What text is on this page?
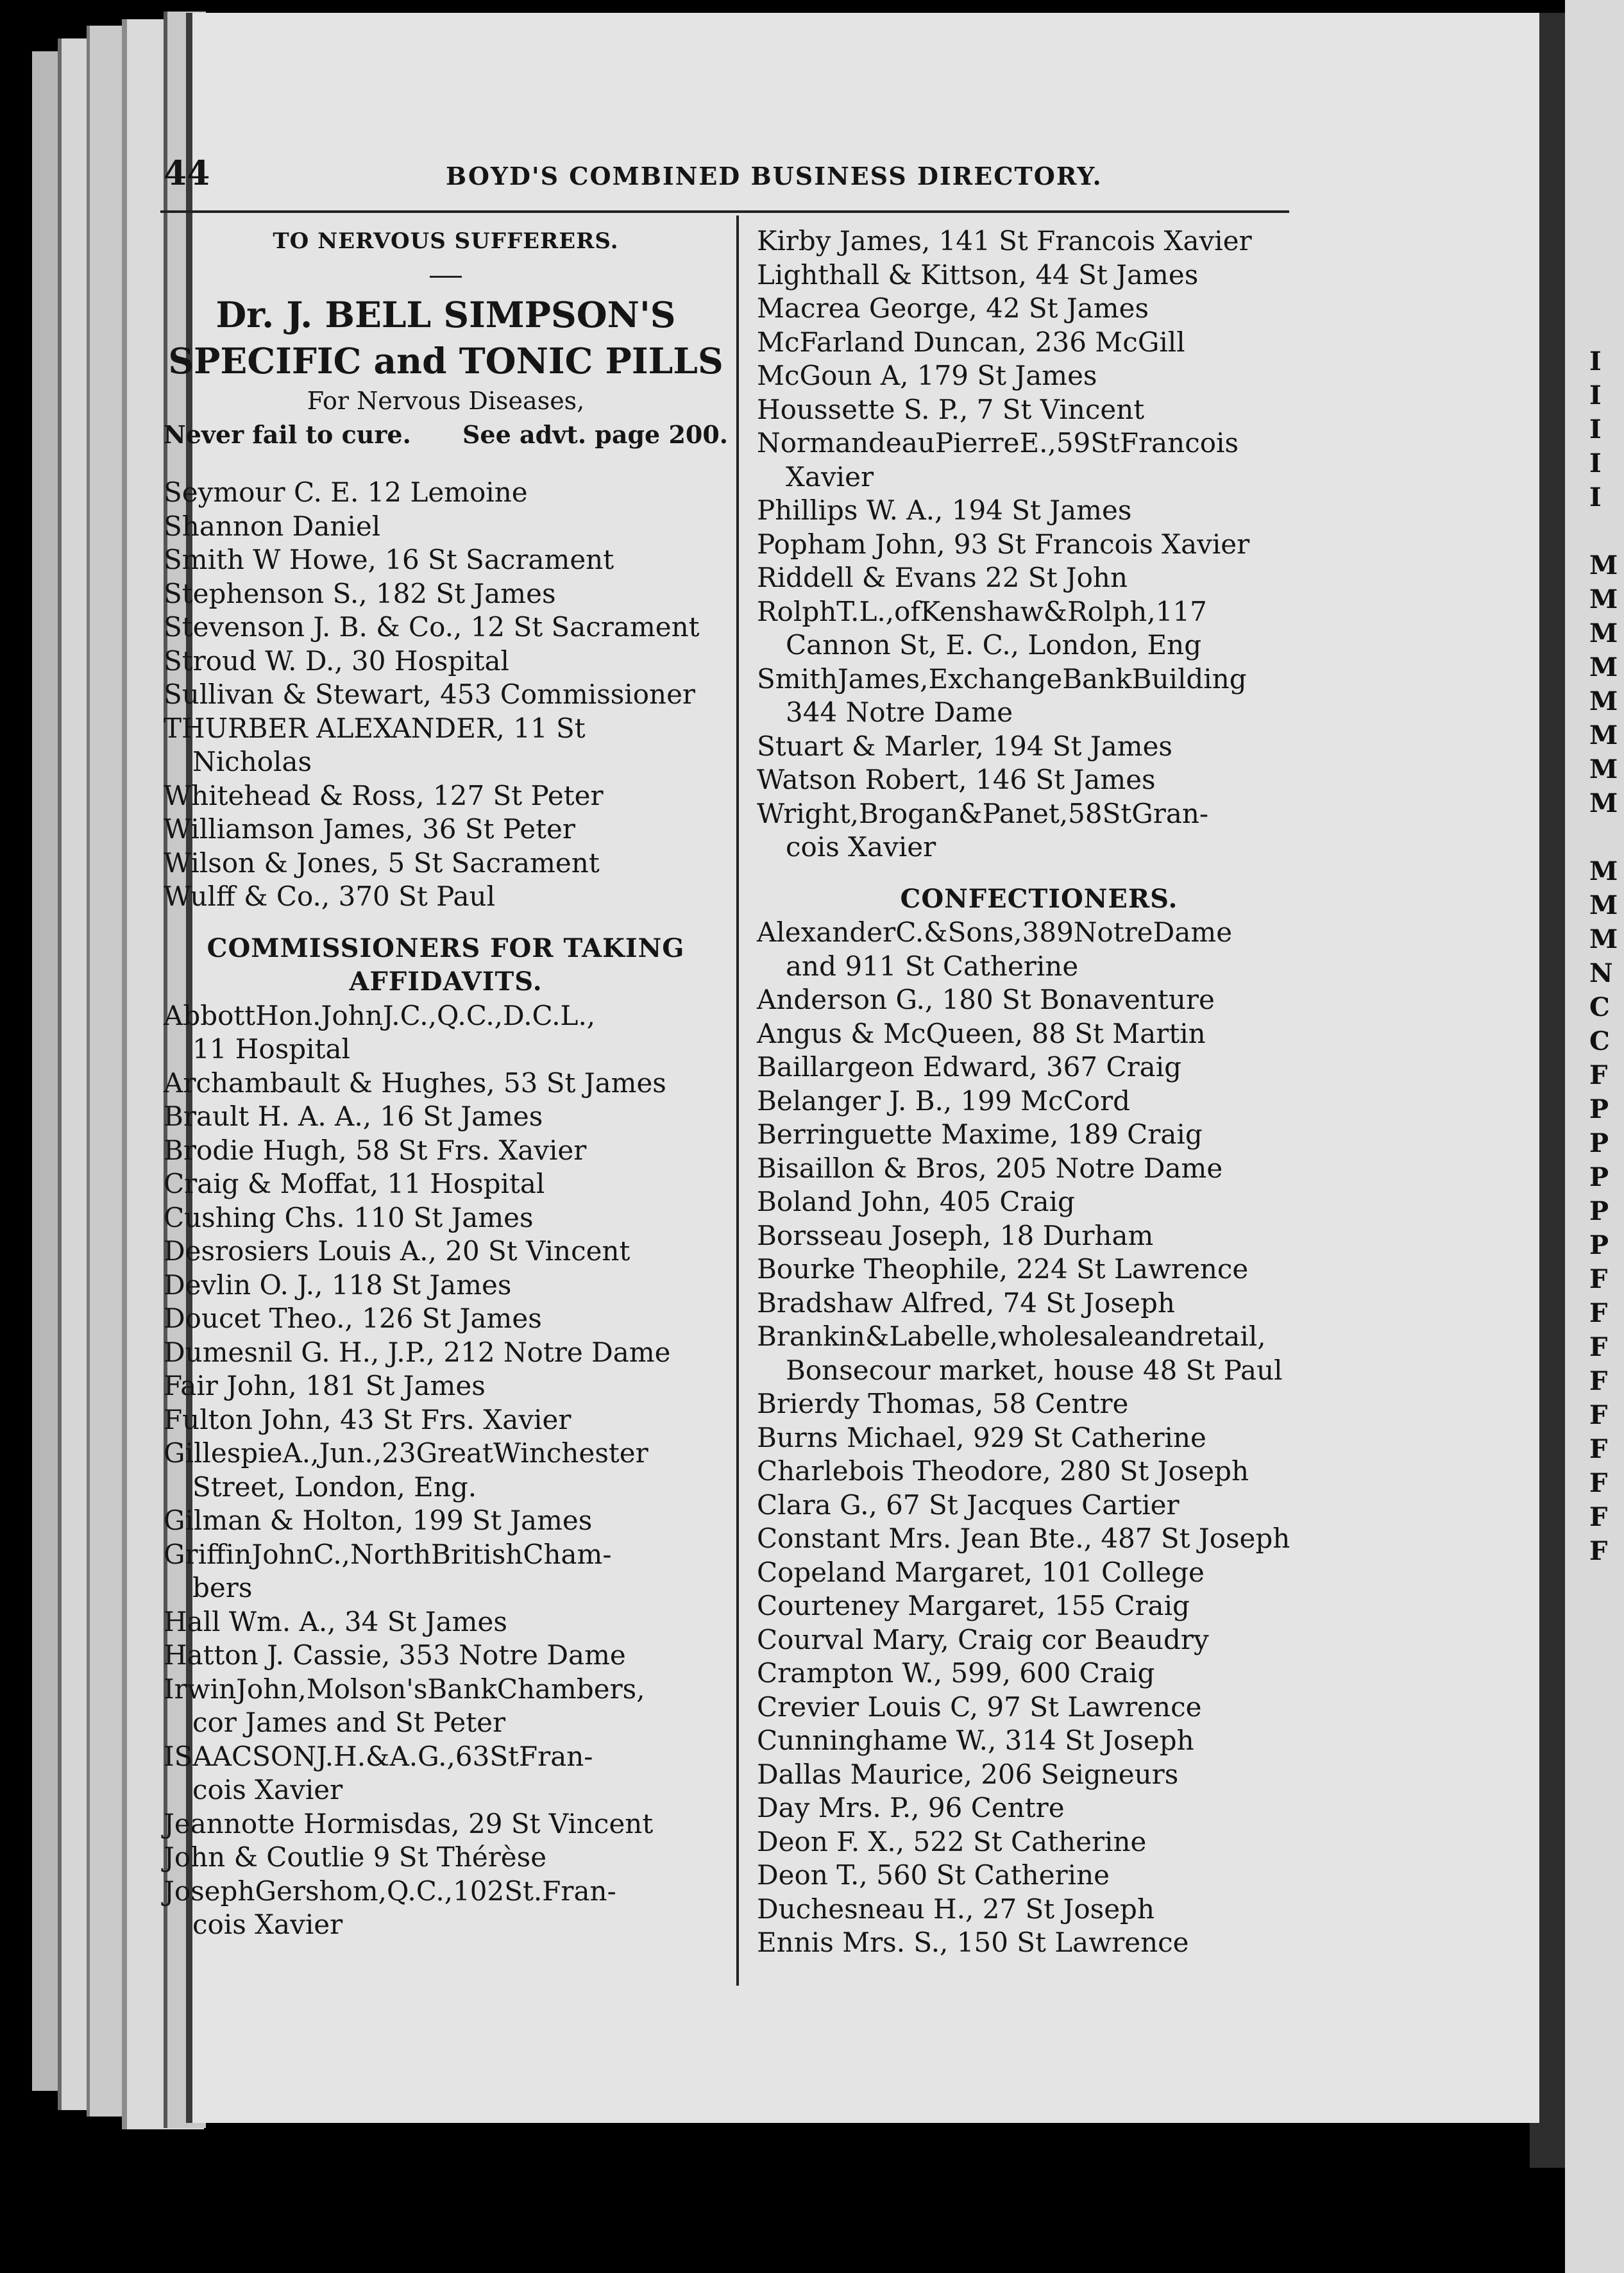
I
I
I
I
I
M
M
M
M
M
M
M
M
M
M
M
N
C
C
F
P
P
P
P
P
F
F
F
F
F
F
F
F
F
44	BOYD'S COMBINED BUSINESS DIRECTORY.
TO NERVOUS SUFFERERS.
Dr. J. BELL SIMPSON'S
SPECIFIC and TONIC PILLS
For Nervous Diseases,
Never fail to cure. See advt. page 200.
Seymour C. E. 12 Lemoine
Shannon Daniel
Smith W Howe, 16 St Sacrament
Stephenson S., 182 St James
Stevenson J. B. & Co., 12 St Sacrament
Stroud W. D., 30 Hospital
Sullivan & Stewart, 453 Commissioner
THURBER ALEXANDER, 11 St
Nicholas
Whitehead & Ross, 127 St Peter
Williamson James, 36 St Peter
Wilson & Jones, 5 St Sacrament
Wulff & Co., 370 St Paul
COMMISSIONERS FOR TAKING
AFFIDAVITS.
AbbottHon.JohnJ.C.,Q.C.,D.C.L.,
11 Hospital
Archambault & Hughes, 53 St James
Brault H. A. A., 16 St James
Brodie Hugh, 58 St Frs. Xavier
Craig & Moffat, 11 Hospital
Cushing Chs. 110 St James
Desrosiers Louis A., 20 St Vincent
Devlin O. J., 118 St James
Doucet Theo., 126 St James
Dumesnil G. H., J.P., 212 Notre Dame
Fair John, 181 St James
Fulton John, 43 St Frs. Xavier
GillespieA.,Jun.,23GreatWinchester
Street, London, Eng.
Gilman & Holton, 199 St James
GriffinJohnC.,NorthBritishCham-
bers
Hall Wm. A., 34 St James
Hatton J. Cassie, 353 Notre Dame
IrwinJohn,Molson'sBankChambers,
cor James and St Peter
ISAACSONJ.H.&A.G.,63StFran-
cois Xavier
Jeannotte Hormisdas, 29 St Vincent
John & Coutlie 9 St Thérèse
JosephGershom,Q.C.,102St.Fran-
cois Xavier
Kirby James, 141 St Francois Xavier
Lighthall & Kittson, 44 St James
Macrea George, 42 St James
McFarland Duncan, 236 McGill
McGoun A, 179 St James
Houssette S. P., 7 St Vincent
NormandeauPierreE.,59StFrancois
Xavier
Phillips W. A., 194 St James
Popham John, 93 St Francois Xavier
Riddell & Evans 22 St John
RolphT.L.,ofKenshaw&Rolph,117
Cannon St, E. C., London, Eng
SmithJames,ExchangeBankBuilding
344 Notre Dame
Stuart & Marler, 194 St James
Watson Robert, 146 St James
Wright,Brogan&Panet,58StGran-
cois Xavier
CONFECTIONERS.
AlexanderC.&Sons,389NotreDame
and 911 St Catherine
Anderson G., 180 St Bonaventure
Angus & McQueen, 88 St Martin
Baillargeon Edward, 367 Craig
Belanger J. B., 199 McCord
Berringuette Maxime, 189 Craig
Bisaillon & Bros, 205 Notre Dame
Boland John, 405 Craig
Borsseau Joseph, 18 Durham
Bourke Theophile, 224 St Lawrence
Bradshaw Alfred, 74 St Joseph
Brankin&Labelle,wholesaleandretail,
Bonsecour market, house 48 St Paul
Brierdy Thomas, 58 Centre
Burns Michael, 929 St Catherine
Charlebois Theodore, 280 St Joseph
Clara G., 67 St Jacques Cartier
Constant Mrs. Jean Bte., 487 St Joseph
Copeland Margaret, 101 College
Courteney Margaret, 155 Craig
Courval Mary, Craig cor Beaudry
Crampton W., 599, 600 Craig
Crevier Louis C, 97 St Lawrence
Cunninghame W., 314 St Joseph
Dallas Maurice, 206 Seigneurs
Day Mrs. P., 96 Centre
Deon F. X., 522 St Catherine
Deon T., 560 St Catherine
Duchesneau H., 27 St Joseph
Ennis Mrs. S., 150 St Lawrence
